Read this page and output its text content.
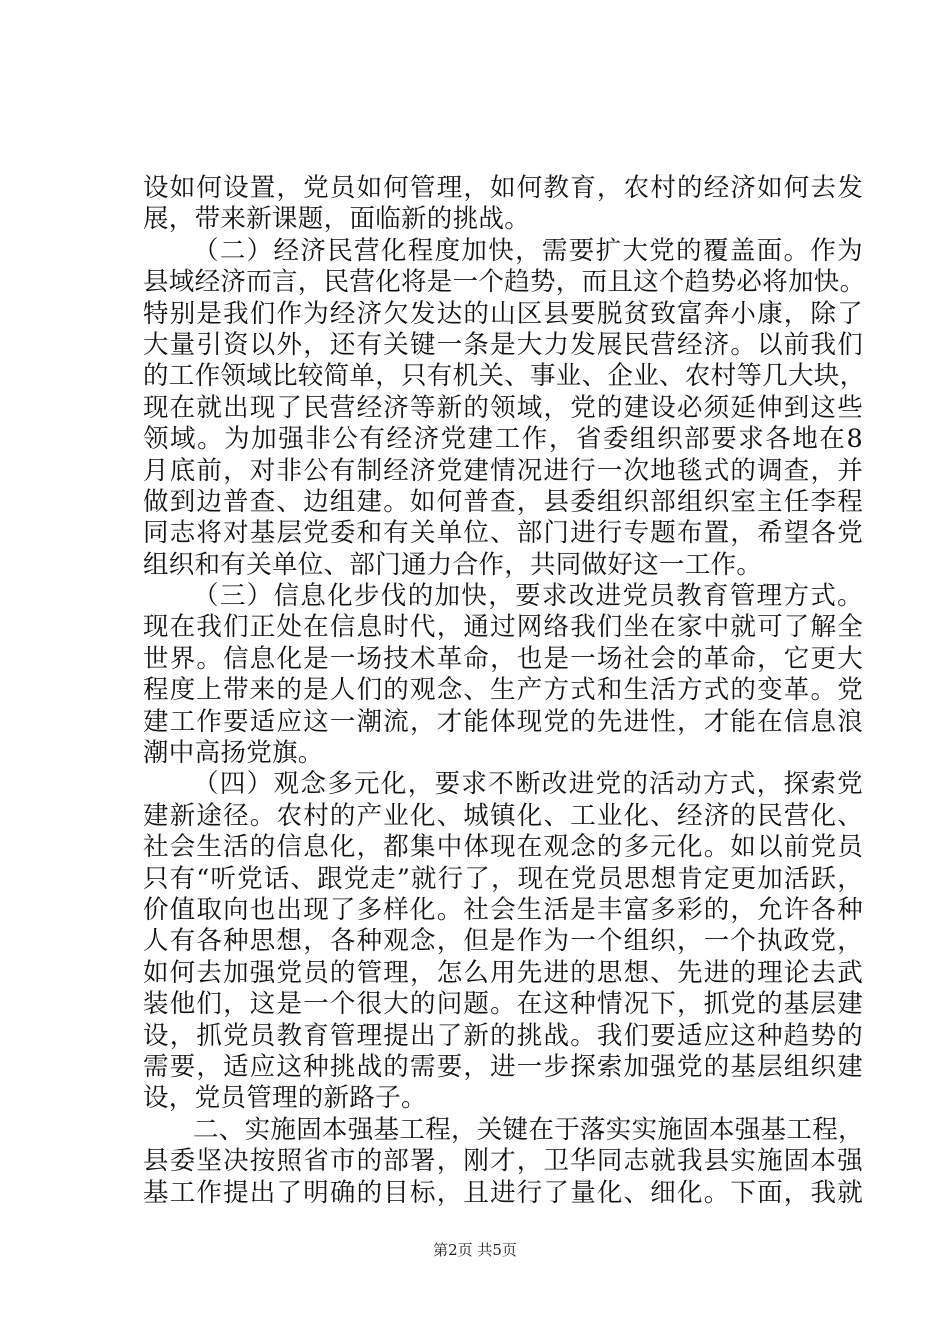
设如何设置，党员如何管理，如何教育，农村的经济如何去发
展，带来新课题，面临新的挑战。
（二）经济民营化程度加快，需要扩大党的覆盖面。作为
县域经济而言，民营化将是一个趋势，而且这个趋势必将加快。
特别是我们作为经济欠发达的山区县要脱贫致富奔小康，除了
大量引资以外，还有关键一条是大力发展民营经济。以前我们
的工作领域比较简单，只有机关、事业、企业、农村等几大块，
现在就出现了民营经济等新的领域，党的建设必须延伸到这些
领域。为加强非公有经济党建工作，省委组织部要求各地在8
月底前，对非公有制经济党建情况进行一次地毯式的调查，并
做到边普查、边组建。如何普查，县委组织部组织室主任李程
同志将对基层党委和有关单位、部门进行专题布置，希望各党
组织和有关单位、部门通力合作，共同做好这一工作。
（三）信息化步伐的加快，要求改进党员教育管理方式。
现在我们正处在信息时代，通过网络我们坐在家中就可了解全
世界。信息化是一场技术革命，也是一场社会的革命，它更大
程度上带来的是人们的观念、生产方式和生活方式的变革。党
建工作要适应这一潮流，才能体现党的先进性，才能在信息浪
潮中高扬党旗。
（四）观念多元化，要求不断改进党的活动方式，探索党
建新途径。农村的产业化、城镇化、工业化、经济的民营化、
社会生活的信息化，都集中体现在观念的多元化。如以前党员
只有“听党话、跟党走”就行了，现在党员思想肯定更加活跃，
价值取向也出现了多样化。社会生活是丰富多彩的，允许各种
人有各种思想，各种观念，但是作为一个组织，一个执政党，
如何去加强党员的管理，怎么用先进的思想、先进的理论去武
装他们，这是一个很大的问题。在这种情况下，抓党的基层建
设，抓党员教育管理提出了新的挑战。我们要适应这种趋势的
需要，适应这种挑战的需要，进一步探索加强党的基层组织建
设，党员管理的新路子。
二、实施固本强基工程，关键在于落实实施固本强基工程，
县委坚决按照省市的部署，刚才，卫华同志就我县实施固本强
基工作提出了明确的目标，且进行了量化、细化。下面，我就
第2页 共5页
